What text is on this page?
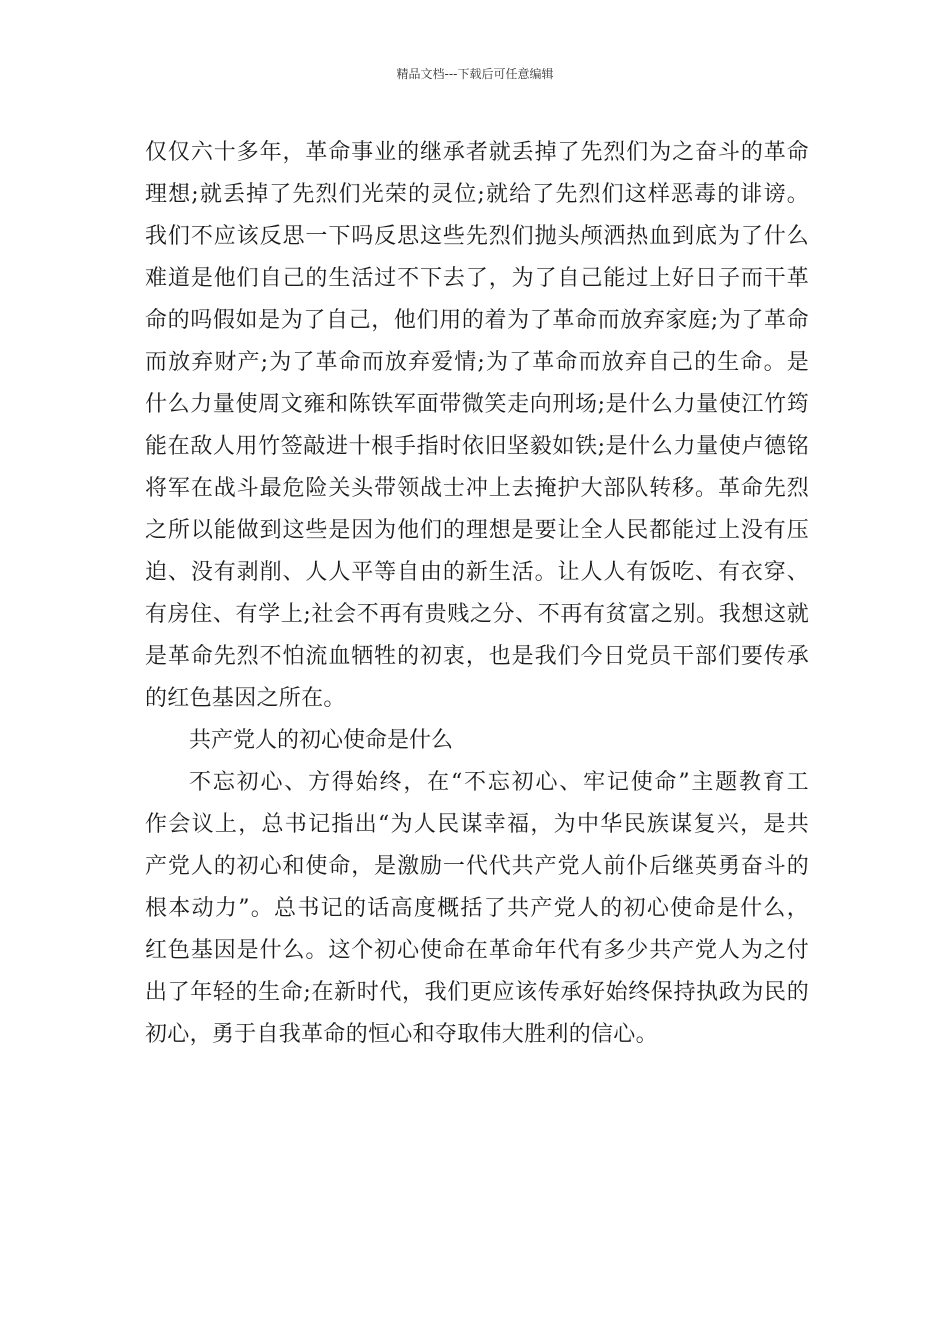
精品文档---下载后可任意编辑
仅仅六十多年，革命事业的继承者就丢掉了先烈们为之奋斗的革命
理想;就丢掉了先烈们光荣的灵位;就给了先烈们这样恶毒的诽谤。
我们不应该反思一下吗反思这些先烈们抛头颅洒热血到底为了什么
难道是他们自己的生活过不下去了，为了自己能过上好日子而干革
命的吗假如是为了自己，他们用的着为了革命而放弃家庭;为了革命
而放弃财产;为了革命而放弃爱情;为了革命而放弃自己的生命。是
什么力量使周文雍和陈铁军面带微笑走向刑场;是什么力量使江竹筠
能在敌人用竹签敲进十根手指时依旧坚毅如铁;是什么力量使卢德铭
将军在战斗最危险关头带领战士冲上去掩护大部队转移。革命先烈
之所以能做到这些是因为他们的理想是要让全人民都能过上没有压
迫、没有剥削、人人平等自由的新生活。让人人有饭吃、有衣穿、
有房住、有学上;社会不再有贵贱之分、不再有贫富之别。我想这就
是革命先烈不怕流血牺牲的初衷，也是我们今日党员干部们要传承
的红色基因之所在。
共产党人的初心使命是什么
不忘初心、方得始终，在“不忘初心、牢记使命”主题教育工
作会议上，总书记指出“为人民谋幸福，为中华民族谋复兴，是共
产党人的初心和使命，是激励一代代共产党人前仆后继英勇奋斗的
根本动力”。总书记的话高度概括了共产党人的初心使命是什么，
红色基因是什么。这个初心使命在革命年代有多少共产党人为之付
出了年轻的生命;在新时代，我们更应该传承好始终保持执政为民的
初心，勇于自我革命的恒心和夺取伟大胜利的信心。
